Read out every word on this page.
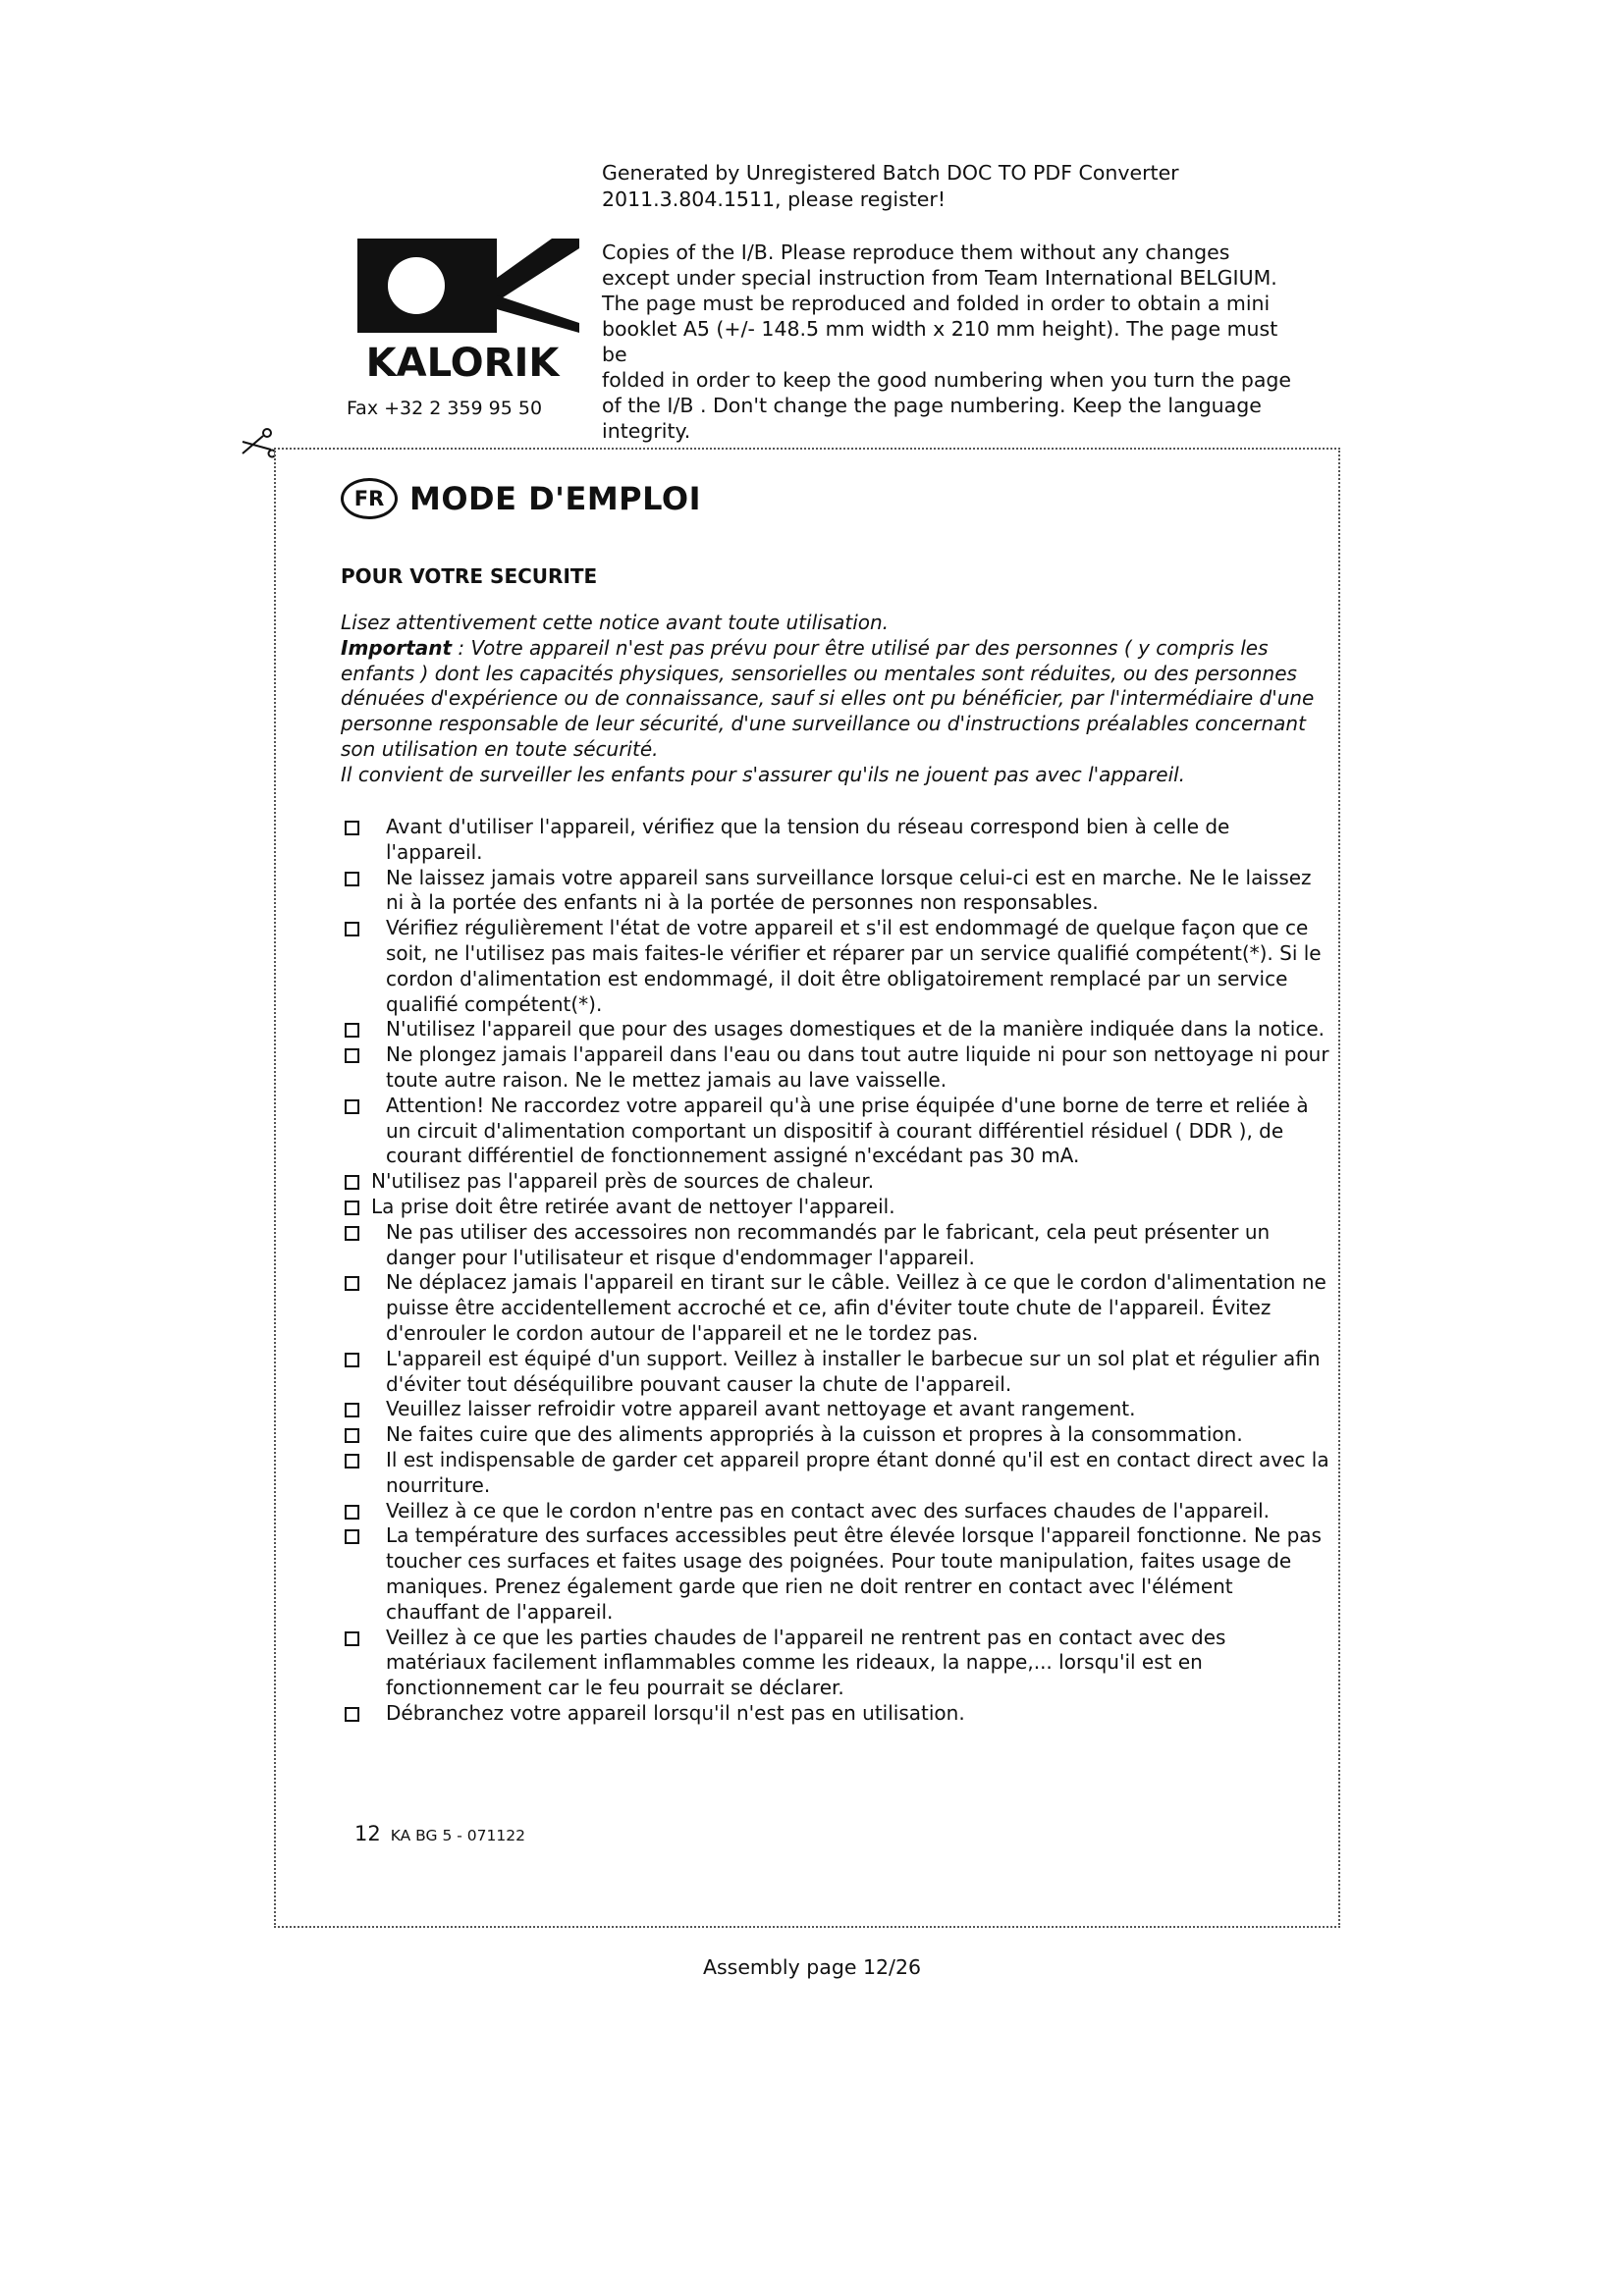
Generated by Unregistered Batch DOC TO PDF Converter
2011.3.804.1511, please register!
KALORIK
Fax +32 2 359 95 50
Copies of the I/B. Please reproduce them without any changes
except under special instruction from Team International BELGIUM.
The page must be reproduced and folded in order to obtain a mini
booklet A5 (+/- 148.5 mm width x 210 mm height). The page must be
folded in order to keep the good numbering when you turn the page
of the I/B . Don't change the page numbering. Keep the language
integrity.
FR MODE D'EMPLOI
POUR VOTRE SECURITE
Lisez attentivement cette notice avant toute utilisation.
Important : Votre appareil n'est pas prévu pour être utilisé par des personnes ( y compris les enfants ) dont les capacités physiques, sensorielles ou mentales sont réduites, ou des personnes dénuées d'expérience ou de connaissance, sauf si elles ont pu bénéficier, par l'intermédiaire d'une personne responsable de leur sécurité, d'une surveillance ou d'instructions préalables concernant son utilisation en toute sécurité.
Il convient de surveiller les enfants pour s'assurer qu'ils ne jouent pas avec l'appareil.
Avant d'utiliser l'appareil, vérifiez que la tension du réseau correspond bien à celle de l'appareil.
Ne laissez jamais votre appareil sans surveillance lorsque celui-ci est en marche. Ne le laissez ni à la portée des enfants ni à la portée de personnes non responsables.
Vérifiez régulièrement l'état de votre appareil et s'il est endommagé de quelque façon que ce soit, ne l'utilisez pas mais faites-le vérifier et réparer par un service qualifié compétent(*). Si le cordon d'alimentation est endommagé, il doit être obligatoirement remplacé par un service qualifié compétent(*).
N'utilisez l'appareil que pour des usages domestiques et de la manière indiquée dans la notice.
Ne plongez jamais l'appareil dans l'eau ou dans tout autre liquide ni pour son nettoyage ni pour toute autre raison. Ne le mettez jamais au lave vaisselle.
Attention! Ne raccordez votre appareil qu'à une prise équipée d'une borne de terre et reliée à un circuit d'alimentation comportant un dispositif à courant différentiel résiduel ( DDR ), de courant différentiel de fonctionnement assigné n'excédant pas 30 mA.
N'utilisez pas l'appareil près de sources de chaleur.
La prise doit être retirée avant de nettoyer l'appareil.
Ne pas utiliser des accessoires non recommandés par le fabricant, cela peut présenter un danger pour l'utilisateur et risque d'endommager l'appareil.
Ne déplacez jamais l'appareil en tirant sur le câble. Veillez à ce que le cordon d'alimentation ne puisse être accidentellement accroché et ce, afin d'éviter toute chute de l'appareil. Évitez d'enrouler le cordon autour de l'appareil et ne le tordez pas.
L'appareil est équipé d'un support. Veillez à installer le barbecue sur un sol plat et régulier afin d'éviter tout déséquilibre pouvant causer la chute de l'appareil.
Veuillez laisser refroidir votre appareil avant nettoyage et avant rangement.
Ne faites cuire que des aliments appropriés à la cuisson et propres à la consommation.
Il est indispensable de garder cet appareil propre étant donné qu'il est en contact direct avec la nourriture.
Veillez à ce que le cordon n'entre pas en contact avec des surfaces chaudes de l'appareil.
La température des surfaces accessibles peut être élevée lorsque l'appareil fonctionne. Ne pas toucher ces surfaces et faites usage des poignées. Pour toute manipulation, faites usage de maniques. Prenez également garde que rien ne doit rentrer en contact avec l'élément chauffant de l'appareil.
Veillez à ce que les parties chaudes de l'appareil ne rentrent pas en contact avec des matériaux facilement inflammables comme les rideaux, la nappe,... lorsqu'il est en fonctionnement car le feu pourrait se déclarer.
Débranchez votre appareil lorsqu'il n'est pas en utilisation.
12 KA BG 5 - 071122
Assembly page 12/26
